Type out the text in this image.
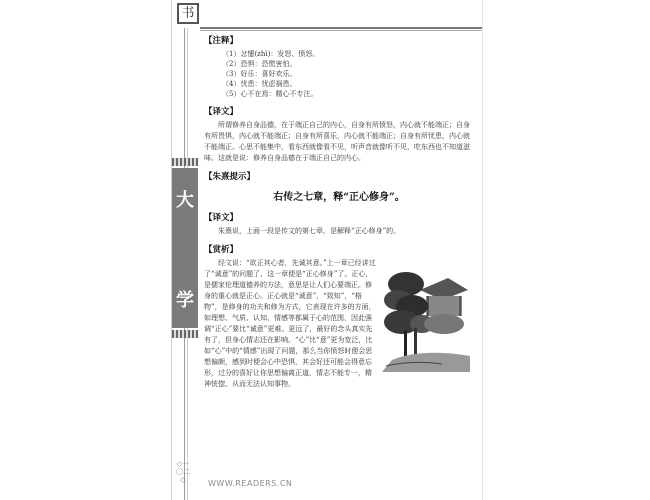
书
大
学
◇一〇二◇
【注释】
（1）忿懥(zhì)：发怒、愤怒。
（2）恐惧：恐慌害怕。
（3）好乐：喜好欢乐。
（4）忧患：忧虑祸患。
（5）心不在焉：精心不专注。
【译文】

所谓修养自身品德，在于端正自己的内心，自身有所愤怒，内心就不能端正；自身有所畏惧，内心就不能端正；自身有所喜乐，内心就不能端正；自身有所忧患，内心就不能端正。心思不能集中，看东西就像看不见，听声音就像听不见，吃东西也不知道滋味。这就是说：修养自身品德在于端正自己的内心。

【朱熹提示】
右传之七章，释“正心修身”。
【译文】

朱熹说，上面一段是传文的第七章，是解释“正心修身”的。

【赏析】

经文说：“欲正其心者，先诚其意。”上一章已经讲过了“诚意”的问题了，这一章便是“正心修身”了。正心，是儒家伦理道德养的方法，意思是让人们心要端正。修身的重心就是正心。正心就是“诚意”，“致知”，“格物”，是修身的功夫和修为方式，它表现在许多的方面，如理想、气质、认知、情感等都属于心的范围，因此强调“正心”要比“诚意”更难。更远了，最好的念头真实先有了，但身心情志还在影响。“心”比“意”更为宽泛，比如“心”中的“情感”出现了问题，那么当你愤怒时便会思想偏颇，感到时便会心中恐惧，其会好还可能会得意忘形，过分的喜好让你思想偏离正道，情志不能专一，精神恍惚，从而无法认知事物。

WWW.READERS.CN
